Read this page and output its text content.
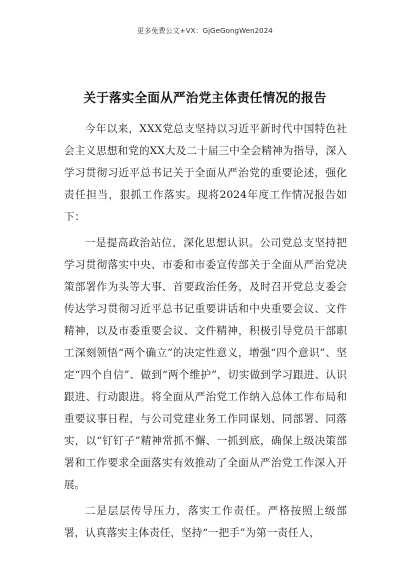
更多免费公文+VX：GjGeGongWen2024
关于落实全面从严治党主体责任情况的报告

今年以来，XXX党总支坚持以习近平新时代中国特色社会主义思想和党的XX大及二十届三中全会精神为指导，深入学习贯彻习近平总书记关于全面从严治党的重要论述，强化责任担当，狠抓工作落实。现将2024年度工作情况报告如下：

一是提高政治站位，深化思想认识。公司党总支坚持把学习贯彻落实中央、市委和市委宣传部关于全面从严治党决策部署作为头等大事、首要政治任务，及时召开党总支委会传达学习贯彻习近平总书记重要讲话和中央重要会议、文件精神，以及市委重要会议、文件精神，积极引导党员干部职工深刻领悟“两个确立”的决定性意义，增强“四个意识”、坚定“四个自信”、做到“两个维护”，切实做到学习跟进、认识跟进、行动跟进。将全面从严治党工作纳入总体工作布局和重要议事日程，与公司党建业务工作同谋划、同部署、同落实，以“钉钉子”精神常抓不懈、一抓到底，确保上级决策部署和工作要求全面落实有效推动了全面从严治党工作深入开展。

二是层层传导压力，落实工作责任。严格按照上级部署，认真落实主体责任，坚持“一把手”为第一责任人，
